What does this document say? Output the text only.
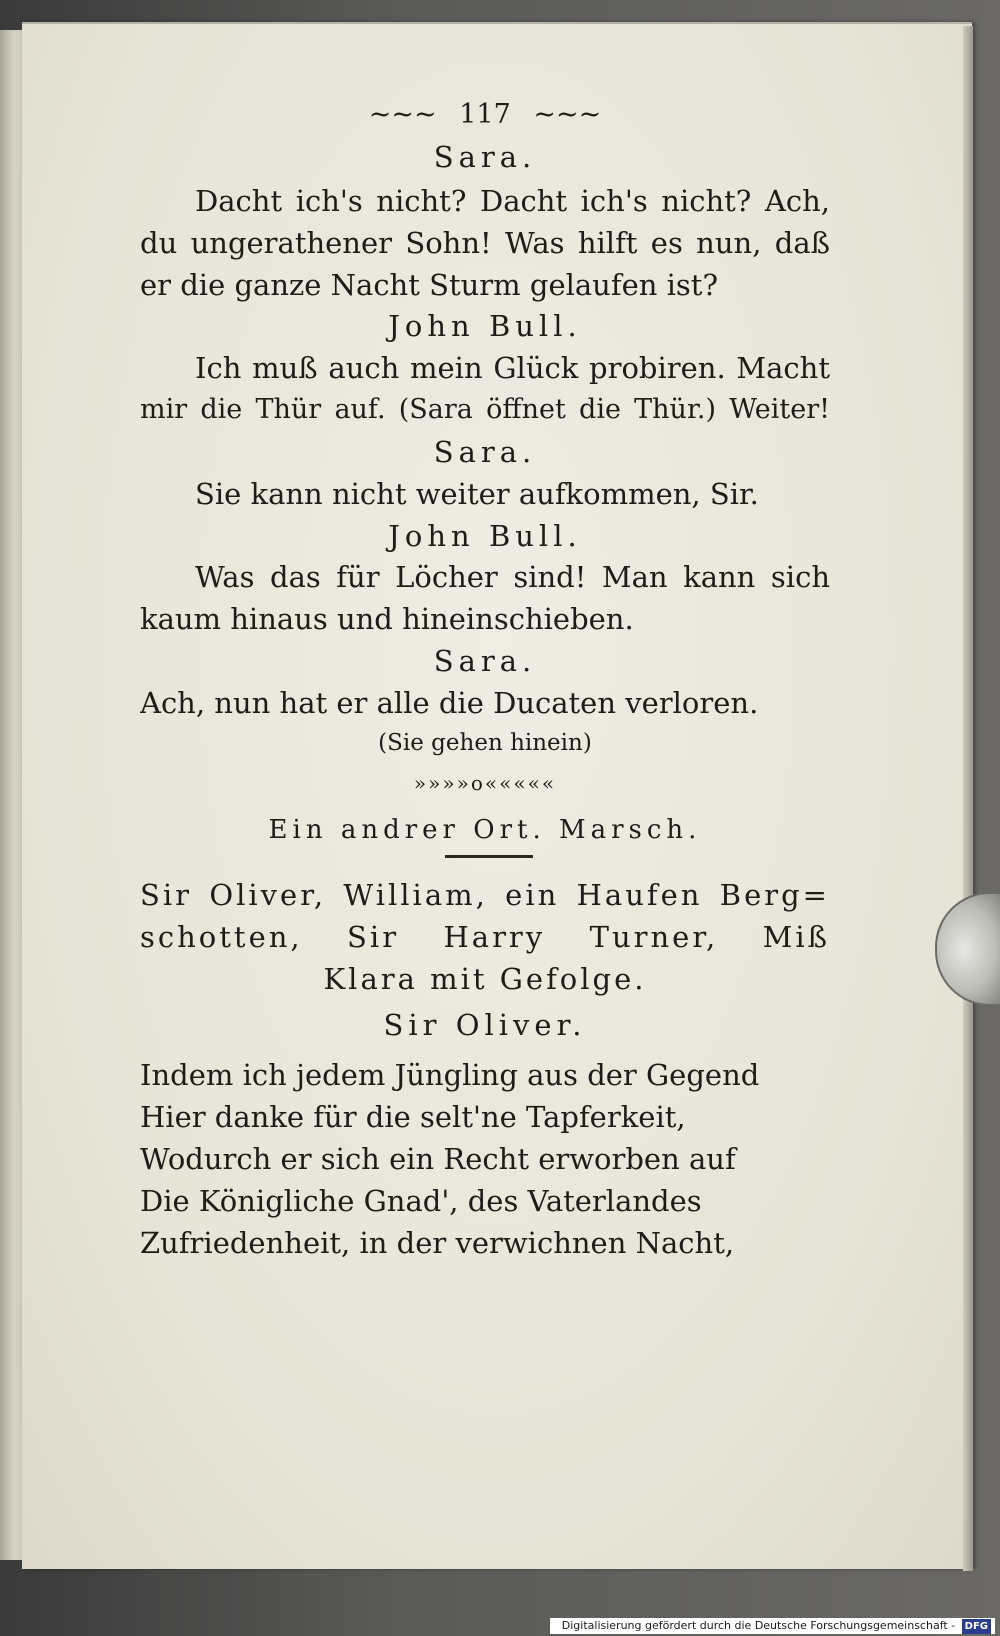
~~~ 117 ~~~
Sara.
Dacht ich's nicht? Dacht ich's nicht? Ach,
du ungerathener Sohn! Was hilft es nun, daß
er die ganze Nacht Sturm gelaufen ist?
John Bull.
Ich muß auch mein Glück probiren. Macht
mir die Thür auf. (Sara öffnet die Thür.) Weiter!
Sara.
Sie kann nicht weiter aufkommen, Sir.
John Bull.
Was das für Löcher sind! Man kann sich
kaum hinaus und hineinschieben.
Sara.
Ach, nun hat er alle die Ducaten verloren.
(Sie gehen hinein)
»»»»o«««««
Ein andrer Ort. Marsch.
Sir Oliver, William, ein Haufen Berg=
schotten, Sir Harry Turner, Miß
Klara mit Gefolge.
Sir Oliver.
Indem ich jedem Jüngling aus der Gegend
Hier danke für die selt'ne Tapferkeit,
Wodurch er sich ein Recht erworben auf
Die Königliche Gnad', des Vaterlandes
Zufriedenheit, in der verwichnen Nacht,
Digitalisierung gefördert durch die Deutsche Forschungsgemeinschaft - DFG
